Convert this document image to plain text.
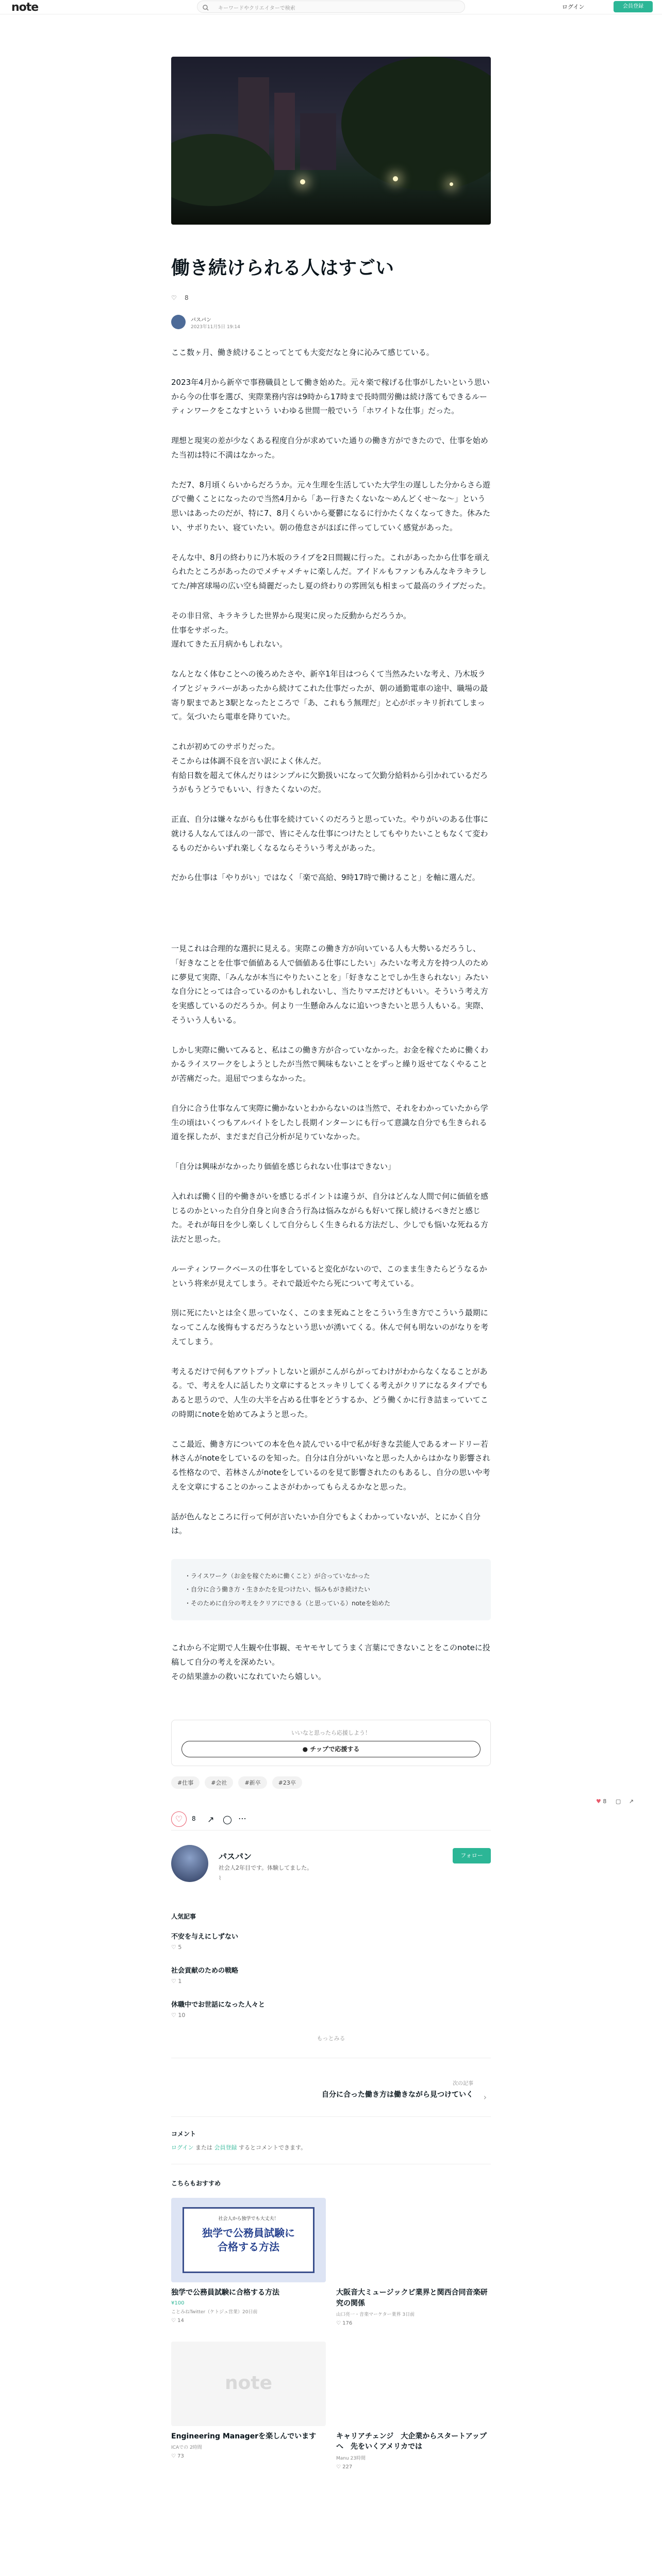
note	キーワードやクリエイターで検索	ログイン	会員登録
♥ 8 ▢ ↗
働き続けられる人はすごい
♡ 8
パスパン
2023年11月5日 19:14

ここ数ヶ月、働き続けることってとても大変だなと身に沁みて感じている。

2023年4月から新卒で事務職員として働き始めた。元々楽で稼げる仕事がしたいという思いから今の仕事を選び、実際業務内容は9時から17時まで長時間労働は続け落てもできるルーティンワークをこなすという いわゆる世間一般でいう「ホワイトな仕事」だった。

理想と現実の差が少なくある程度自分が求めていた通りの働き方ができたので、仕事を始めた当初は特に不満はなかった。

ただ7、8月頃くらいからだろうか。元々生理を生活していた大学生の遅しした分からさら遊びで働くことになったので当然4月から「あー行きたくないな〜めんどくせ〜な〜」という思いはあったのだが、特に7、8月くらいから憂鬱になるに行かたくなくなってきた。休みたい、サボりたい、寝ていたい。朝の倦怠さがほぼに伴ってしていく感覚があった。

そんな中、8月の終わりに乃木坂のライブを2日間観に行った。これがあったから仕事を頑えられたところがあったのでメチャメチャに楽しんだ。アイドルもファンもみんなキラキラしてた/神宮球場の広い空も綺麗だったし夏の終わりの雰囲気も相まって最高のライブだった。

その非日常、キラキラした世界から現実に戻った反動からだろうか。
仕事をサボった。
遅れてきた五月病かもしれない。

なんとなく体むことへの後ろめたさや、新卒1年目はつらくて当然みたいな考え、乃木坂ライブとジャラバーがあったから続けてこれた仕事だったが、朝の通勤電車の途中、職場の最寄り駅まであと3駅となったところで「あ、これもう無理だ」と心がポッキリ折れてしまって。気づいたら電車を降りていた。

これが初めてのサボりだった。
そこからは体調不良を言い訳によく休んだ。
有給日数を超えて休んだりはシンプルに欠勤扱いになって欠勤分給料から引かれているだろうがもうどうでもいい、行きたくないのだ。

正直、自分は嫌々ながらも仕事を続けていくのだろうと思っていた。やりがいのある仕事に就ける人なんてほんの一部で、皆にそんな仕事につけたとしてもやりたいこともなくて変わるものだからいずれ楽しくなるならそういう考えがあった。

だから仕事は「やりがい」ではなく「楽で高給、9時17時で働けること」を軸に選んだ。

一見これは合理的な選択に見える。実際この働き方が向いている人も大勢いるだろうし、「好きなことを仕事で価値ある人で価値ある仕事にしたい」みたいな考え方を持つ人のために夢見て実際、「みんなが本当にやりたいことを」「好きなことでしか生きられない」みたいな自分にとっては合っているのかもしれないし、当たりマエだけどもいい。そういう考え方を実感しているのだろうか。何より一生懸命みんなに追いつきたいと思う人もいる。実際、そういう人もいる。

しかし実際に働いてみると、私はこの働き方が合っていなかった。お金を稼ぐために働くわかるライスワークをしようとしたが当然で興味もないことをずっと繰り返せてなくやることが苦痛だった。退屈でつまらなかった。

自分に合う仕事なんて実際に働かないとわからないのは当然で、それをわかっていたから学生の頃はいくつもアルバイトをしたし長期インターンにも行って意識な自分でも生きられる道を探したが、まだまだ自己分析が足りていなかった。

「自分は興味がなかったり価値を感じられない仕事はできない」

入れれば働く目的や働きがいを感じるポイントは違うが、自分はどんな人間で何に価値を感じるのかといった自分自身と向き合う行為は悩みながらも好いて探し続けるべきだと感じた。それが毎日を少し楽しくして自分らしく生きられる方法だし、少しでも悩いな死ねる方法だと思った。

ルーティンワークベースの仕事をしていると変化がないので、このまま生きたらどうなるかという将来が見えてしまう。それで最近やたら死について考えている。

別に死にたいとは全く思っていなく、このまま死ぬことをこういう生き方でこういう最期になってこんな後悔もするだろうなという思いが湧いてくる。休んで何も明ないのがなりを考えてしまう。

考えるだけで何もアウトプットしないと頭がこんがらがってわけがわからなくなることがある。で、考えを人に話したり文章にするとスッキリしてくる考えがクリアになるタイプでもあると思うので、人生の大半を占める仕事をどうするか、どう働くかに行き詰まっていてこの時期にnoteを始めてみようと思った。

ここ最近、働き方についての本を色々読んでいる中で私が好きな芸能人であるオードリー若林さんがnoteをしているのを知った。自分は自分がいいなと思った人からはかなり影響される性格なので、若林さんがnoteをしているのを見て影響されたのもあるし、自分の思いや考えを文章にすることのかっこよさがわかってもらえるかなと思った。

話が色んなところに行って何が言いたいか自分でもよくわかっていないが、とにかく自分は。

・ライスワーク（お金を稼ぐために働くこと）が合っていなかった
・自分に合う働き方・生きかたを見つけたい、悩みもがき続けたい
・そのために自分の考えをクリアにできる（と思っている）noteを始めた

これから不定期で人生観や仕事観、モヤモヤしてうまく言葉にできないことをこのnoteに投稿して自分の考えを深めたい。
その結果誰かの救いになれていたら嬉しい。

いいなと思ったら応援しよう！
● チップで応援する
#仕事	#会社	#新卒	#23卒
♡	8 ↗ ◯ ⋯
パスパン
社会人2年目です。体験してました。
⌇
フォロー
人気記事
不安を与えにしずない
♡ 5
社会貢献のための戦略
♡ 1
休職中でお世話になった人々と
♡ 10
もっとみる
次の記事
自分に合った働き方は働きながら見つけていく ›
コメント
ログイン または 会員登録 するとコメントできます。
こちらもおすすめ
社会人から独学でも大丈夫！
独学で公務員試験に
合格する方法
独学で公務員試験に合格する方法
¥100
ことみねTwitter（ケトジュ営業）20日前
♡ 14
大阪音大ミュージックビ業界と関西合同音楽研究の関係
山口亮一・音楽マーケター業界 3日前
♡ 176
note
Engineering Managerを楽しんでいます
ICAでの 2時間
♡ 73
キャリアチェンジ　大企業からスタートアップへ　先をいくアメリカでは
Manu 23時間
♡ 227
